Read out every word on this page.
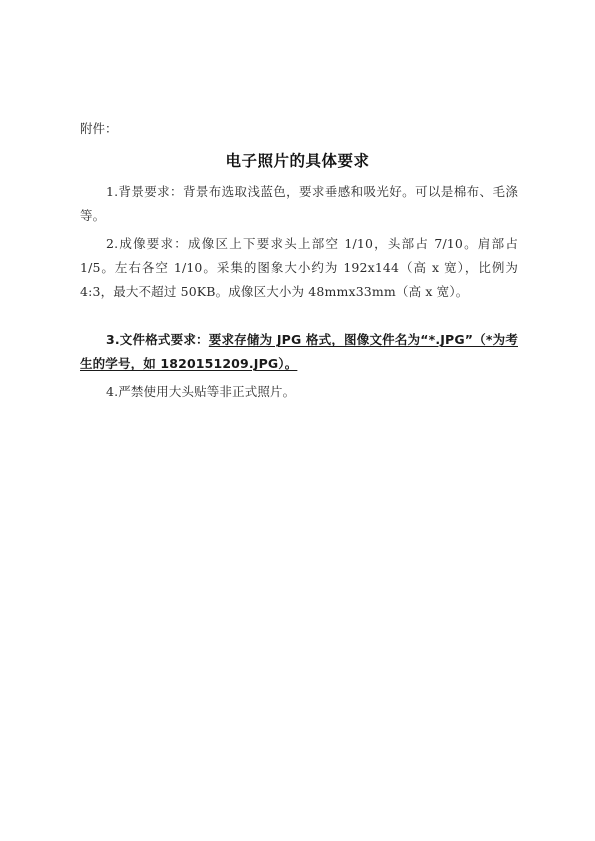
附件：
电子照片的具体要求
1.背景要求：背景布选取浅蓝色，要求垂感和吸光好。可以是棉布、毛涤等。
2.成像要求：成像区上下要求头上部空 1/10，头部占 7/10。肩部占 1/5。左右各空 1/10。采集的图象大小约为 192x144（高 x 宽），比例为 4:3，最大不超过 50KB。成像区大小为 48mmx33mm（高 x 宽）。
3.文件格式要求：要求存储为 JPG 格式，图像文件名为“*.JPG”（*为考生的学号，如 1820151209.JPG）。
4.严禁使用大头贴等非正式照片。
